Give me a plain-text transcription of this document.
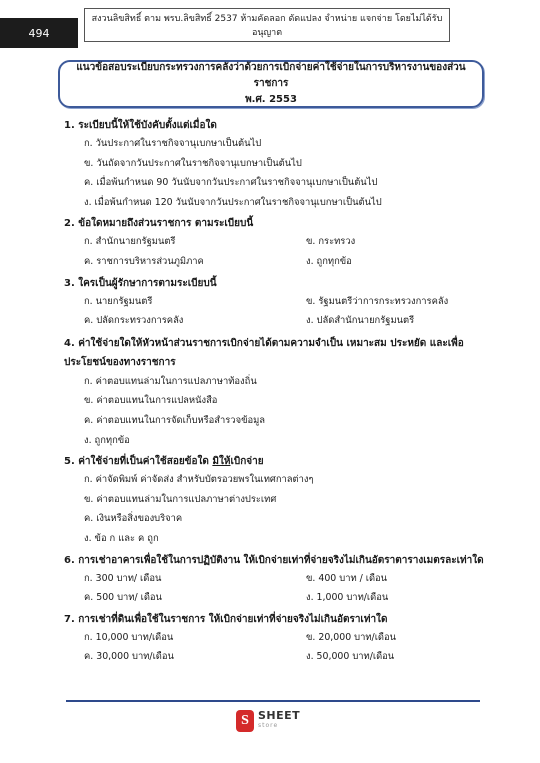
494
สงวนลิขสิทธิ์ ตาม พรบ.ลิขสิทธิ์ 2537 ห้ามคัดลอก ดัดแปลง จำหน่าย แจกจ่าย โดยไม่ได้รับอนุญาต
แนวข้อสอบระเบียบกระทรวงการคลังว่าด้วยการเบิกจ่ายค่าใช้จ่ายในการบริหารงานของส่วนราชการ
พ.ศ. 2553
1. ระเบียบนี้ให้ใช้บังคับตั้งแต่เมื่อใด
ก. วันประกาศในราชกิจจานุเบกษาเป็นต้นไป
ข. วันถัดจากวันประกาศในราชกิจจานุเบกษาเป็นต้นไป
ค. เมื่อพ้นกำหนด 90 วันนับจากวันประกาศในราชกิจจานุเบกษาเป็นต้นไป
ง. เมื่อพ้นกำหนด 120 วันนับจากวันประกาศในราชกิจจานุเบกษาเป็นต้นไป
2. ข้อใดหมายถึงส่วนราชการ ตามระเบียบนี้
ก. สำนักนายกรัฐมนตรี	ข. กระทรวง
ค. ราชการบริหารส่วนภูมิภาค	ง. ถูกทุกข้อ
3. ใครเป็นผู้รักษาการตามระเบียบนี้
ก. นายกรัฐมนตรี	ข. รัฐมนตรีว่าการกระทรวงการคลัง
ค. ปลัดกระทรวงการคลัง	ง. ปลัดสำนักนายกรัฐมนตรี
4. ค่าใช้จ่ายใดให้หัวหน้าส่วนราชการเบิกจ่ายได้ตามความจำเป็น เหมาะสม ประหยัด และเพื่อ
ประโยชน์ของทางราชการ
ก. ค่าตอบแทนล่ามในการแปลภาษาท้องถิ่น
ข. ค่าตอบแทนในการแปลหนังสือ
ค. ค่าตอบแทนในการจัดเก็บหรือสำรวจข้อมูล
ง. ถูกทุกข้อ
5. ค่าใช้จ่ายที่เป็นค่าใช้สอยข้อใด มิให้เบิกจ่าย
ก. ค่าจัดพิมพ์ ค่าจัดส่ง สำหรับบัตรอวยพรในเทศกาลต่างๆ
ข. ค่าตอบแทนล่ามในการแปลภาษาต่างประเทศ
ค. เงินหรือสิ่งของบริจาค
ง. ข้อ ก และ ค ถูก
6. การเช่าอาคารเพื่อใช้ในการปฏิบัติงาน ให้เบิกจ่ายเท่าที่จ่ายจริงไม่เกินอัตราตารางเมตรละเท่าใด
ก. 300 บาท/ เดือน	ข. 400 บาท / เดือน
ค. 500 บาท/ เดือน	ง. 1,000 บาท/เดือน
7. การเช่าที่ดินเพื่อใช้ในราชการ ให้เบิกจ่ายเท่าที่จ่ายจริงไม่เกินอัตราเท่าใด
ก. 10,000 บาท/เดือน	ข. 20,000 บาท/เดือน
ค. 30,000 บาท/เดือน	ง. 50,000 บาท/เดือน
S SHEET
store
